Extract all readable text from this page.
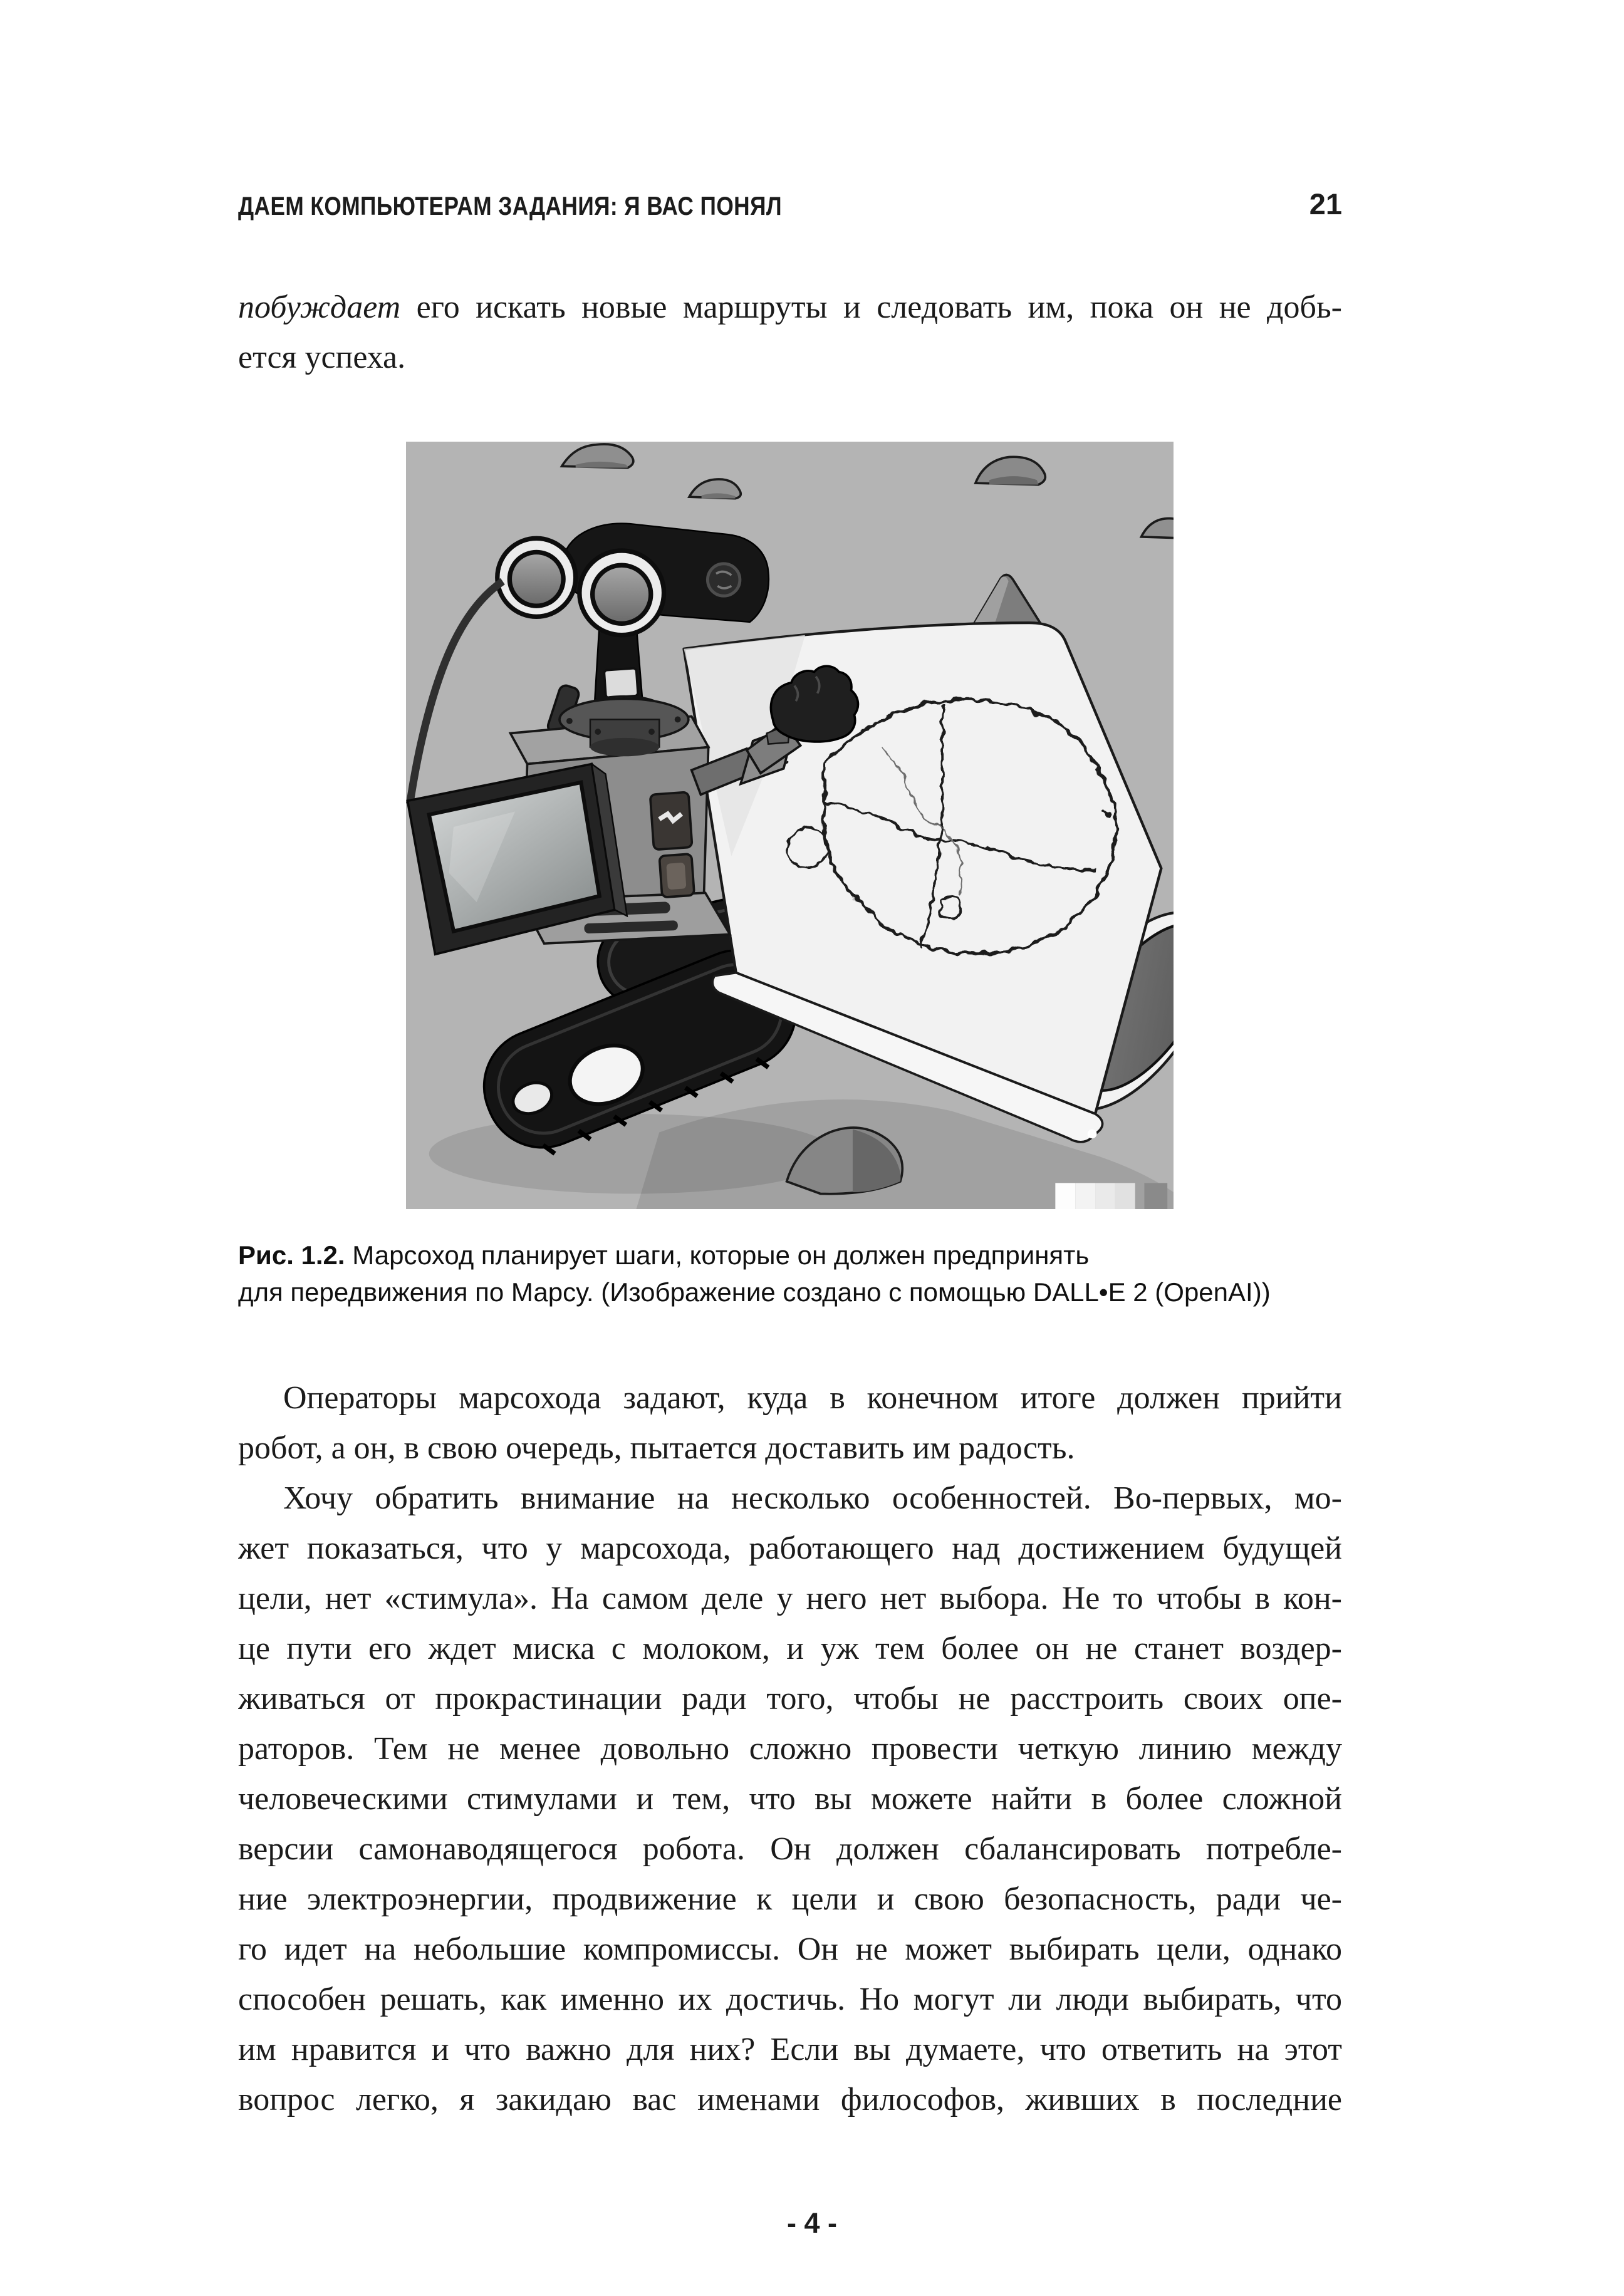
ДАЕМ КОМПЬЮТЕРАМ ЗАДАНИЯ: Я ВАС ПОНЯЛ	21
побуждает его искать новые маршруты и следовать им, пока он не добь-
ется успеха.
Рис. 1.2. Марсоход планирует шаги, которые он должен предпринять
для передвижения по Марсу. (Изображение создано с помощью DALL•E 2 (OpenAI))
Операторы марсохода задают, куда в конечном итоге должен прийти
робот, а он, в свою очередь, пытается доставить им радость.
Хочу обратить внимание на несколько особенностей. Во-первых, мо-
жет показаться, что у марсохода, работающего над достижением будущей
цели, нет «стимула». На самом деле у него нет выбора. Не то чтобы в кон-
це пути его ждет миска с молоком, и уж тем более он не станет воздер-
живаться от прокрастинации ради того, чтобы не расстроить своих опе-
раторов. Тем не менее довольно сложно провести четкую линию между
человеческими стимулами и тем, что вы можете найти в более сложной
версии самонаводящегося робота. Он должен сбалансировать потребле-
ние электроэнергии, продвижение к цели и свою безопасность, ради че-
го идет на небольшие компромиссы. Он не может выбирать цели, однако
способен решать, как именно их достичь. Но могут ли люди выбирать, что
им нравится и что важно для них? Если вы думаете, что ответить на этот
вопрос легко, я закидаю вас именами философов, живших в последние
- 4 -
